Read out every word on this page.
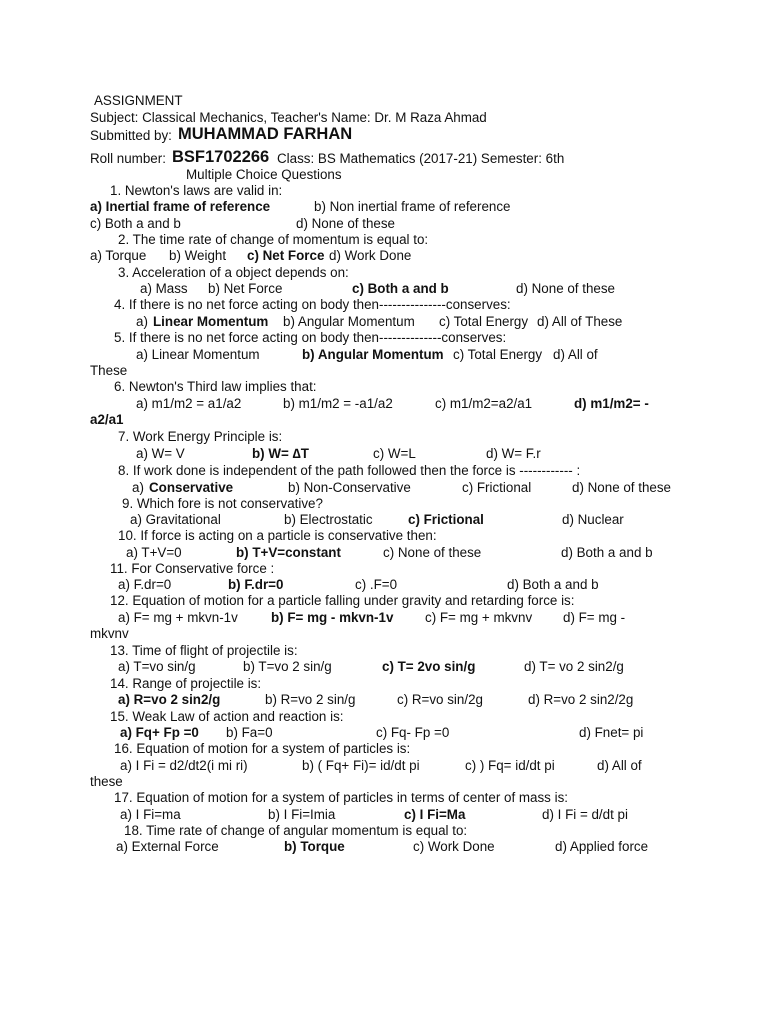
ASSIGNMENT
Subject: Classical Mechanics, Teacher's Name: Dr. M Raza Ahmad
Submitted by: MUHAMMAD FARHAN
Roll number: BSF1702266 Class: BS Mathematics (2017-21) Semester: 6th
Multiple Choice Questions
1. Newton's laws are valid in:
a) Inertial frame of reference	b) Non inertial frame of reference
c) Both a and b	d) None of these
2. The time rate of change of momentum is equal to:
a) Torque b) Weight c) Net Force d) Work Done
3. Acceleration of a object depends on:
a) Mass b) Net Force	c) Both a and b	d) None of these
4. If there is no net force acting on body then---------------conserves:
a) Linear Momentum b) Angular Momentum c) Total Energy d) All of These
5. If there is no net force acting on body then--------------conserves:
a) Linear Momentum	b) Angular Momentum c) Total Energy d) All of
These
6. Newton's Third law implies that:
a) m1/m2 = a1/a2	b) m1/m2 = -a1/a2	c) m1/m2=a2/a1	d) m1/m2= -
a2/a1
7. Work Energy Principle is:
a) W= V	b) W= ∆T	c) W=L	d) W= F.r
8. If work done is independent of the path followed then the force is ------------ :
a) Conservative	b) Non-Conservative	c) Frictional	d) None of these
9. Which fore is not conservative?
a) Gravitational	b) Electrostatic	c) Frictional	d) Nuclear
10. If force is acting on a particle is conservative then:
a) T+V=0	b) T+V=constant	c) None of these	d) Both a and b
11. For Conservative force :
a) F.dr=0	b) F.dr=0	c) .F=0	d) Both a and b
12. Equation of motion for a particle falling under gravity and retarding force is:
a) F= mg + mkvn-1v b) F= mg - mkvn-1v c) F= mg + mkvnv d) F= mg -
mkvnv
13. Time of flight of projectile is:
a) T=vo sin/g	b) T=vo 2 sin/g	c) T= 2vo sin/g	d) T= vo 2 sin2/g
14. Range of projectile is:
a) R=vo 2 sin2/g	b) R=vo 2 sin/g	c) R=vo sin/2g	d) R=vo 2 sin2/2g
15. Weak Law of action and reaction is:
a) Fq+ Fp =0 b) Fa=0	c) Fq- Fp =0	d) Fnet= pi
16. Equation of motion for a system of particles is:
a) I Fi = d2/dt2(i mi ri)	b) ( Fq+ Fi)= id/dt pi	c) ) Fq= id/dt pi	d) All of
these
17. Equation of motion for a system of particles in terms of center of mass is:
a) I Fi=ma	b) I Fi=Imia	c) I Fi=Ma	d) I Fi = d/dt pi
18. Time rate of change of angular momentum is equal to:
a) External Force	b) Torque	c) Work Done	d) Applied force
